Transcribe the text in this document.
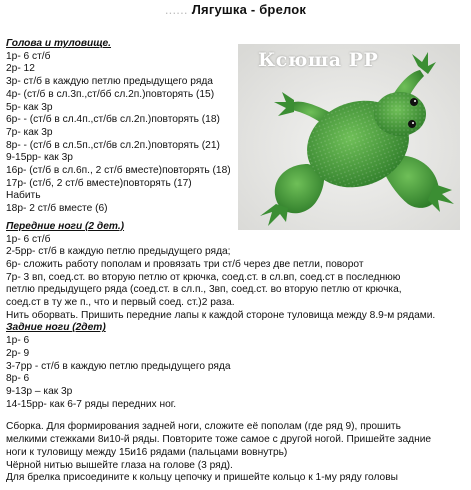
...... Лягушка - брелок
Ксюша PP
Голова и туловище.
1р- 6 ст/б
2р- 12
3р- ст/б в каждую петлю предыдущего ряда
4р- (ст/б в сл.3п.,ст/бб сл.2п.)повторять (15)
5р- как 3р
6р- - (ст/б в сл.4п.,ст/бв сл.2п.)повторять (18)
7р- как 3р
8р- - (ст/б в сл.5п.,ст/бв сл.2п.)повторять (21)
9-15рр- как 3р
16р- (ст/б в сл.6п., 2 ст/б вместе)повторять (18)
17р- (ст/б, 2 ст/б вместе)повторять (17)
Набить
18р- 2 ст/б вместе (6)
Передние ноги (2 дет.)
1р- 6 ст/б
2-5рр- ст/б в каждую петлю предыдущего ряда;
6р- сложить работу пополам и провязать три ст/б через две петли, поворот
7р- 3 вп, соед.ст. во вторую петлю от крючка, соед.ст. в сл.вп, соед.ст в последнюю
петлю предыдущего ряда (соед.ст. в сл.п., 3вп, соед.ст. во вторую петлю от крючка,
соед.ст в ту же п., что и первый соед. ст.)2 раза.
Нить оборвать. Пришить передние лапы к каждой стороне туловища между 8.9-м рядами.
Задние ноги (2дет)
1р- 6
2р- 9
3-7рр - ст/б в каждую петлю предыдущего ряда
8р- 6
9-13р – как 3р
14-15рр- как 6-7 ряды передних ног.
Сборка. Для формирования задней ноги, сложите её пополам (где ряд 9), прошить
мелкими стежками 8и10-й ряды. Повторите тоже самое с другой ногой. Пришейте задние
ноги к туловищу между 15и16 рядами (пальцами вовнутрь)
Чёрной нитью вышейте глаза на голове (3 ряд).
Для брелка присоедините к кольцу цепочку и пришейте кольцо к 1-му ряду головы
